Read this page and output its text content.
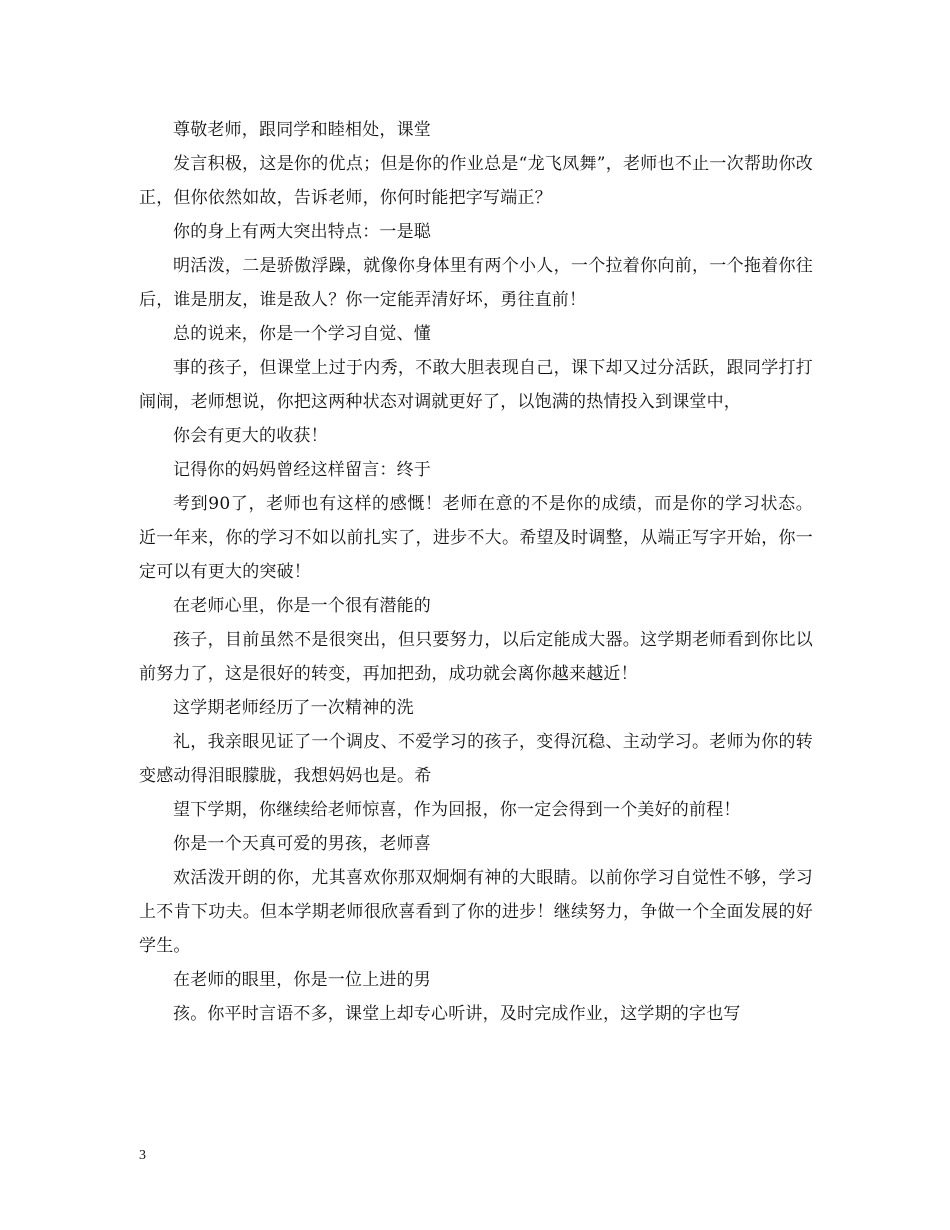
尊敬老师，跟同学和睦相处，课堂

发言积极，这是你的优点；但是你的作业总是“龙飞凤舞”，老师也不止一次帮助你改正，但你依然如故，告诉老师，你何时能把字写端正？

你的身上有两大突出特点：一是聪

明活泼，二是骄傲浮躁，就像你身体里有两个小人，一个拉着你向前，一个拖着你往后，谁是朋友，谁是敌人？你一定能弄清好坏，勇往直前！

总的说来，你是一个学习自觉、懂

事的孩子，但课堂上过于内秀，不敢大胆表现自己，课下却又过分活跃，跟同学打打闹闹，老师想说，你把这两种状态对调就更好了，以饱满的热情投入到课堂中，

你会有更大的收获！

记得你的妈妈曾经这样留言：终于

考到90了，老师也有这样的感慨！老师在意的不是你的成绩，而是你的学习状态。近一年来，你的学习不如以前扎实了，进步不大。希望及时调整，从端正写字开始，你一定可以有更大的突破！

在老师心里，你是一个很有潜能的

孩子，目前虽然不是很突出，但只要努力，以后定能成大器。这学期老师看到你比以前努力了，这是很好的转变，再加把劲，成功就会离你越来越近！

这学期老师经历了一次精神的洗

礼，我亲眼见证了一个调皮、不爱学习的孩子，变得沉稳、主动学习。老师为你的转变感动得泪眼朦胧，我想妈妈也是。希

望下学期，你继续给老师惊喜，作为回报，你一定会得到一个美好的前程！

你是一个天真可爱的男孩，老师喜

欢活泼开朗的你，尤其喜欢你那双炯炯有神的大眼睛。以前你学习自觉性不够，学习上不肯下功夫。但本学期老师很欣喜看到了你的进步！继续努力，争做一个全面发展的好学生。

在老师的眼里，你是一位上进的男

孩。你平时言语不多，课堂上却专心听讲，及时完成作业，这学期的字也写

3
